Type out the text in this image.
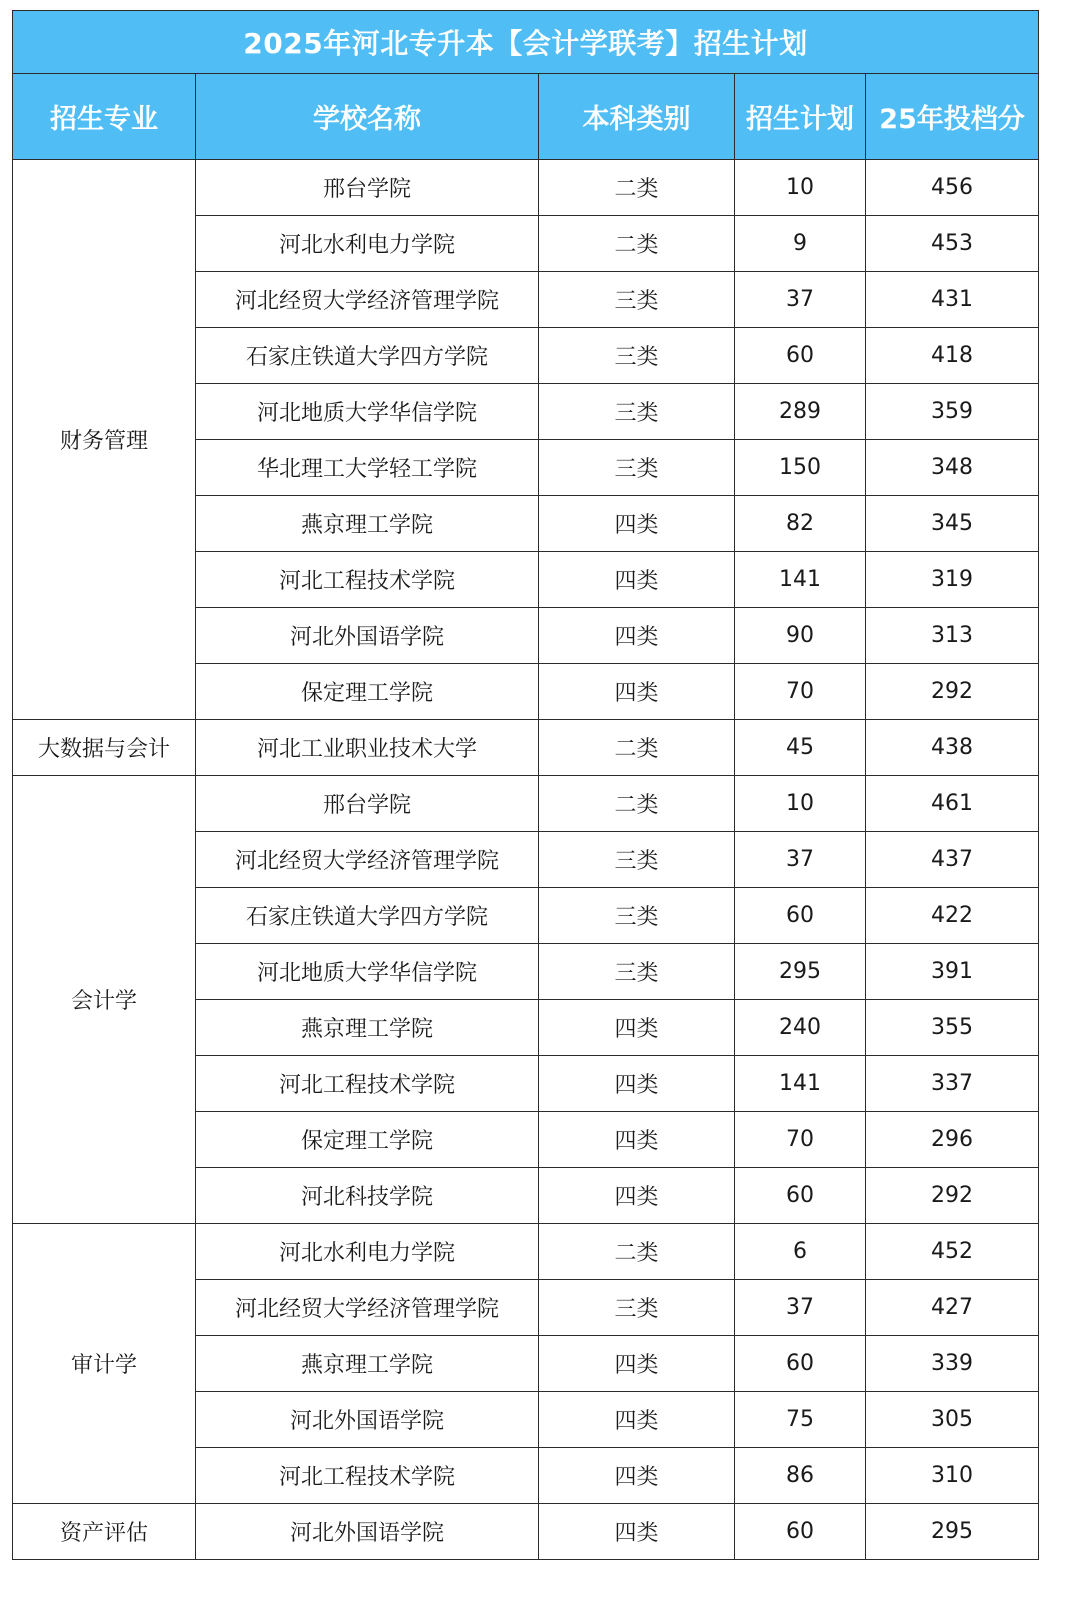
2025年河北专升本【会计学联考】招生计划				
招生专业	学校名称	本科类别	招生计划	25年投档分
财务管理	邢台学院	二类	10	456
	河北水利电力学院	二类	9	453
	河北经贸大学经济管理学院	三类	37	431
	石家庄铁道大学四方学院	三类	60	418
	河北地质大学华信学院	三类	289	359
	华北理工大学轻工学院	三类	150	348
	燕京理工学院	四类	82	345
	河北工程技术学院	四类	141	319
	河北外国语学院	四类	90	313
	保定理工学院	四类	70	292
大数据与会计	河北工业职业技术大学	二类	45	438
会计学	邢台学院	二类	10	461
	河北经贸大学经济管理学院	三类	37	437
	石家庄铁道大学四方学院	三类	60	422
	河北地质大学华信学院	三类	295	391
	燕京理工学院	四类	240	355
	河北工程技术学院	四类	141	337
	保定理工学院	四类	70	296
	河北科技学院	四类	60	292
审计学	河北水利电力学院	二类	6	452
	河北经贸大学经济管理学院	三类	37	427
	燕京理工学院	四类	60	339
	河北外国语学院	四类	75	305
	河北工程技术学院	四类	86	310
资产评估	河北外国语学院	四类	60	295
